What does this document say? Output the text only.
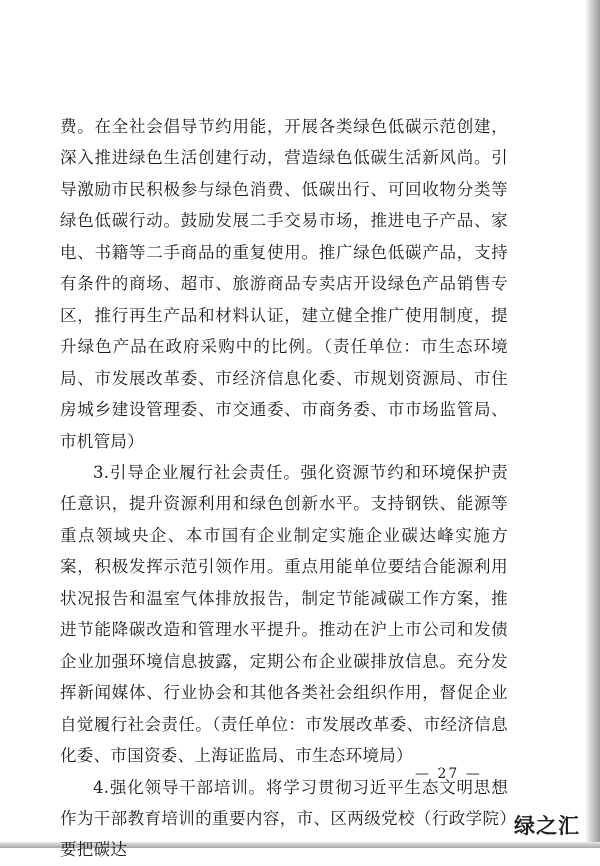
费。在全社会倡导节约用能，开展各类绿色低碳示范创建，深入推进绿色生活创建行动，营造绿色低碳生活新风尚。引导激励市民积极参与绿色消费、低碳出行、可回收物分类等绿色低碳行动。鼓励发展二手交易市场，推进电子产品、家电、书籍等二手商品的重复使用。推广绿色低碳产品，支持有条件的商场、超市、旅游商品专卖店开设绿色产品销售专区，推行再生产品和材料认证，建立健全推广使用制度，提升绿色产品在政府采购中的比例。（责任单位：市生态环境局、市发展改革委、市经济信息化委、市规划资源局、市住房城乡建设管理委、市交通委、市商务委、市市场监管局、市机管局）

3.引导企业履行社会责任。强化资源节约和环境保护责任意识，提升资源利用和绿色创新水平。支持钢铁、能源等重点领域央企、本市国有企业制定实施企业碳达峰实施方案，积极发挥示范引领作用。重点用能单位要结合能源利用状况报告和温室气体排放报告，制定节能减碳工作方案，推进节能降碳改造和管理水平提升。推动在沪上市公司和发债企业加强环境信息披露，定期公布企业碳排放信息。充分发挥新闻媒体、行业协会和其他各类社会组织作用，督促企业自觉履行社会责任。（责任单位：市发展改革委、市经济信息化委、市国资委、上海证监局、市生态环境局）

4.强化领导干部培训。将学习贯彻习近平生态文明思想作为干部教育培训的重要内容，市、区两级党校（行政学院）要把碳达

— 27 —
绿之汇
